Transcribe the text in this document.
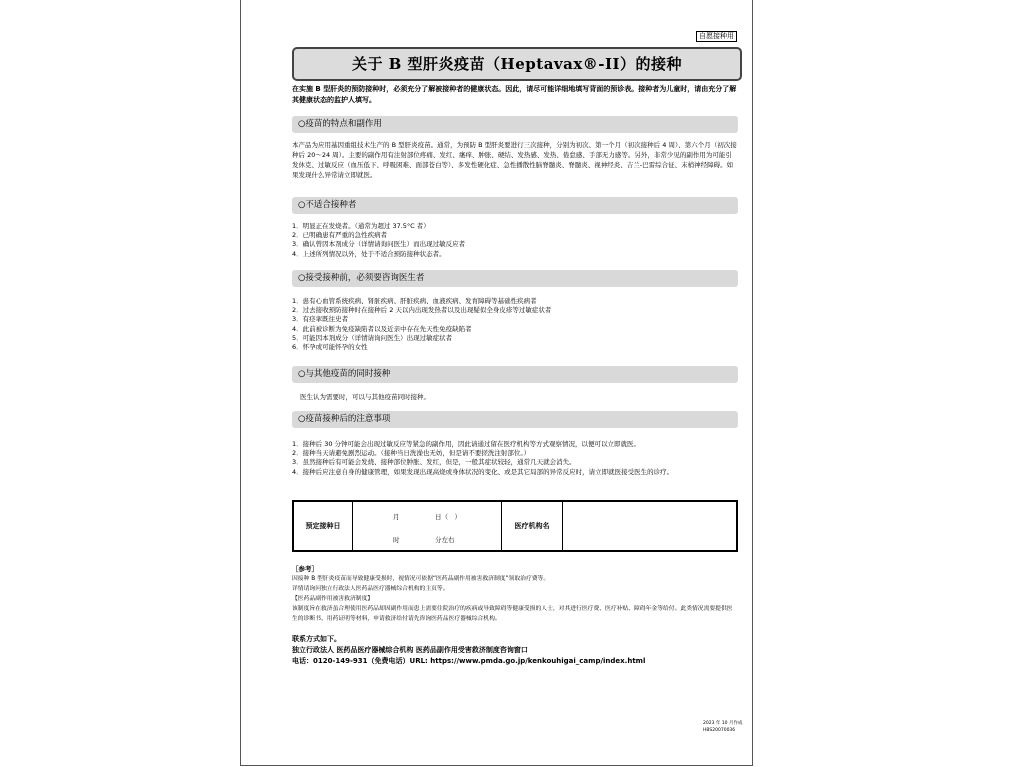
自愿接种用
关于 B 型肝炎疫苗（Heptavax®-II）的接种
在实施 B 型肝炎的预防接种时，必须充分了解被接种者的健康状态。因此，请尽可能详细地填写背面的预诊表。接种者为儿童时，请由充分了解其健康状态的监护人填写。
○疫苗的特点和副作用
本产品为应用基因重组技术生产的 B 型肝炎疫苗。通常，为预防 B 型肝炎要进行三次接种，分别为初次、第一个月（初次接种后 4 周）、第六个月（初次接种后 20～24 周）。主要的副作用有注射部位疼痛、发红、瘙痒、肿胀、硬结、发热感、发热、倦怠感、手部无力感等。另外，非常少见的副作用为可能引发休克、过敏反应（血压低下、呼吸困难、面部苍白等）、多发性硬化症、急性播散性脑脊髓炎、脊髓炎、视神经炎、吉兰-巴雷综合征、末梢神经障碍。如果发现什么异常请立即就医。
○不适合接种者
1．明显正在发烧者。（通常为超过 37.5°C 者）
2．已明确患有严重的急性疾病者
3．确认曾因本剂成分（详情请询问医生）而出现过敏反应者
4．上述所列情况以外，处于不适合预防接种状态者。
○接受接种前，必须要咨询医生者
1．患有心血管系统疾病、肾脏疾病、肝脏疾病、血液疾病、发育障碍等基础性疾病者
2．过去接收预防接种时在接种后 2 天以内出现发热者以及出现疑似全身皮疹等过敏症状者
3．有痉挛既往史者
4．此前被诊断为免疫缺陷者以及近亲中存在先天性免疫缺陷者
5．可能因本剂成分（详情请询问医生）出现过敏症状者
6．怀孕或可能怀孕的女性
○与其他疫苗的同时接种
医生认为需要时，可以与其他疫苗同时接种。
○疫苗接种后的注意事项
1．接种后 30 分钟可能会出现过敏反应等紧急的副作用，因此请通过留在医疗机构等方式观察情况，以便可以立即就医。
2．接种当天请避免剧烈运动。（接种当日洗澡也无妨，但是请不要搓洗注射部位。）
3．虽然接种后有可能会发烧、接种部位肿胀、发红，但是，一般其症状较轻，通常几天就会消失。
4．接种后应注意自身的健康管理，如果发现出现高烧或身体状况的变化、或是其它局部的异常反应时，请立即就医接受医生的诊疗。
预定接种日
月	日（　）
时	分左右
医疗机构名
［参考］
因接种 B 型肝炎疫苗而导致健康受损时，视情况可依据“医药品副作用被害救济制度”领取治疗费等。
详情请询问独立行政法人医药品医疗器械综合机构的主页等。
【医药品副作用被害救济制度】
该制度旨在救济虽合理使用医药品却因副作用而患上需要住院治疗的疾病或导致障碍等健康受损的人士，对其进行医疗费、医疗补贴、障碍年金等给付。此类情况需要提供医生的诊断书、用药证明等材料，申请救济给付请先咨询医药品医疗器械综合机构。
联系方式如下。
独立行政法人 医药品医疗器械综合机构 医药品副作用受害救济制度咨询窗口
电话：0120-149-931（免费电话）URL: https://www.pmda.go.jp/kenkouhigai_camp/index.html
2023 年 10 月作成
HBS20070036
